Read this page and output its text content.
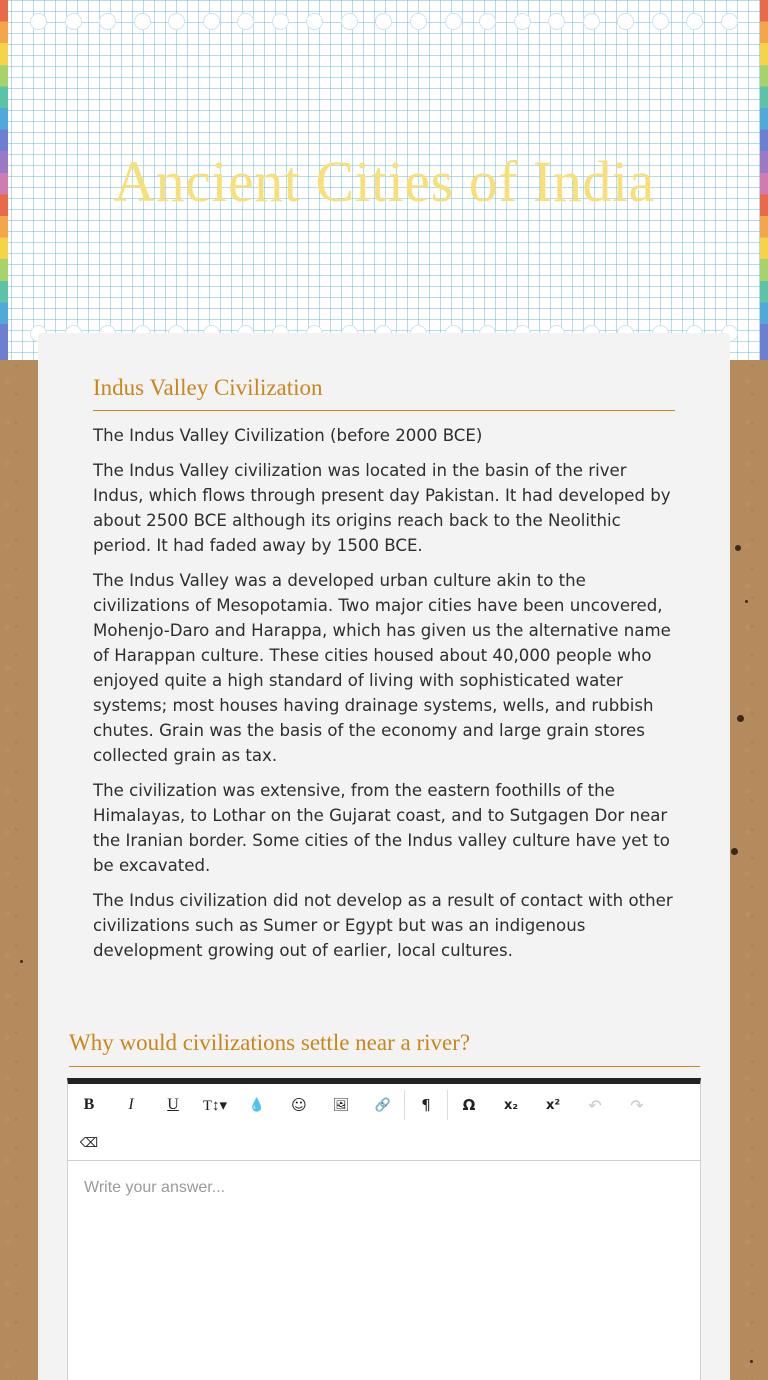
Ancient Cities of India
Indus Valley Civilization

The Indus Valley Civilization (before 2000 BCE)

The Indus Valley civilization was located in the basin of the river Indus, which flows through present day Pakistan. It had developed by about 2500 BCE although its origins reach back to the Neolithic period. It had faded away by 1500 BCE.

The Indus Valley was a developed urban culture akin to the civilizations of Mesopotamia. Two major cities have been uncovered, Mohenjo-Daro and Harappa, which has given us the alternative name of Harappan culture. These cities housed about 40,000 people who enjoyed quite a high standard of living with sophisticated water systems; most houses having drainage systems, wells, and rubbish chutes. Grain was the basis of the economy and large grain stores collected grain as tax.

The civilization was extensive, from the eastern foothills of the Himalayas, to Lothar on the Gujarat coast, and to Sutgagen Dor near the Iranian border. Some cities of the Indus valley culture have yet to be excavated.

The Indus civilization did not develop as a result of contact with other civilizations such as Sumer or Egypt but was an indigenous development growing out of earlier, local cultures.

Why would civilizations settle near a river?
B	I	U	T↕▾	💧	☺	🖼	🔗	¶	Ω	x₂	x²	↶	↷
⌫
Write your answer...
